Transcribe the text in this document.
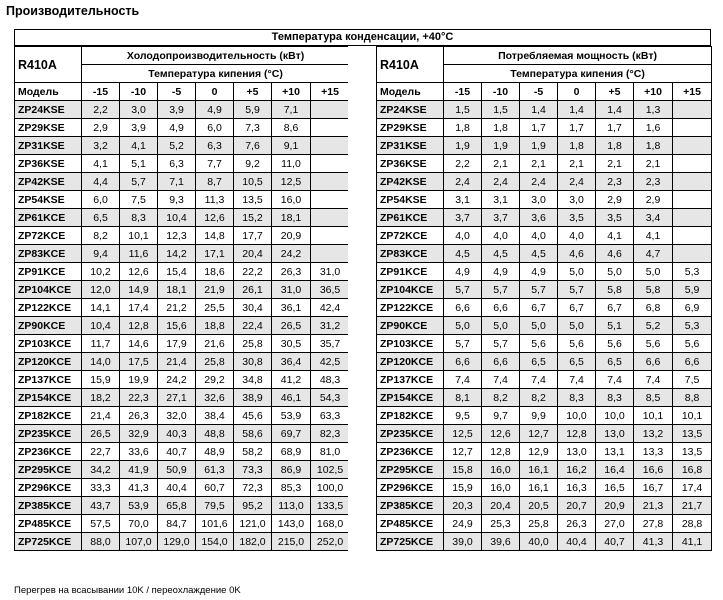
Производительность
Температура конденсации, +40°C
R410A	Холодопроизводительность (кВт)						
	Температура кипения (°C)						
Модель	-15	-10	-5	0	+5	+10	+15
ZP24KSE	2,2	3,0	3,9	4,9	5,9	7,1	
ZP29KSE	2,9	3,9	4,9	6,0	7,3	8,6	
ZP31KSE	3,2	4,1	5,2	6,3	7,6	9,1	
ZP36KSE	4,1	5,1	6,3	7,7	9,2	11,0	
ZP42KSE	4,4	5,7	7,1	8,7	10,5	12,5	
ZP54KSE	6,0	7,5	9,3	11,3	13,5	16,0	
ZP61KCE	6,5	8,3	10,4	12,6	15,2	18,1	
ZP72KCE	8,2	10,1	12,3	14,8	17,7	20,9	
ZP83KCE	9,4	11,6	14,2	17,1	20,4	24,2	
ZP91KCE	10,2	12,6	15,4	18,6	22,2	26,3	31,0
ZP104KCE	12,0	14,9	18,1	21,9	26,1	31,0	36,5
ZP122KCE	14,1	17,4	21,2	25,5	30,4	36,1	42,4
ZP90KCE	10,4	12,8	15,6	18,8	22,4	26,5	31,2
ZP103KCE	11,7	14,6	17,9	21,6	25,8	30,5	35,7
ZP120KCE	14,0	17,5	21,4	25,8	30,8	36,4	42,5
ZP137KCE	15,9	19,9	24,2	29,2	34,8	41,2	48,3
ZP154KCE	18,2	22,3	27,1	32,6	38,9	46,1	54,3
ZP182KCE	21,4	26,3	32,0	38,4	45,6	53,9	63,3
ZP235KCE	26,5	32,9	40,3	48,8	58,6	69,7	82,3
ZP236KCE	22,7	33,6	40,7	48,9	58,2	68,9	81,0
ZP295KCE	34,2	41,9	50,9	61,3	73,3	86,9	102,5
ZP296KCE	33,3	41,3	40,4	60,7	72,3	85,3	100,0
ZP385KCE	43,7	53,9	65,8	79,5	95,2	113,0	133,5
ZP485KCE	57,5	70,0	84,7	101,6	121,0	143,0	168,0
ZP725KCE	88,0	107,0	129,0	154,0	182,0	215,0	252,0
R410A	Потребляемая мощность (кВт)						
	Температура кипения (°C)						
Модель	-15	-10	-5	0	+5	+10	+15
ZP24KSE	1,5	1,5	1,4	1,4	1,4	1,3	
ZP29KSE	1,8	1,8	1,7	1,7	1,7	1,6	
ZP31KSE	1,9	1,9	1,9	1,8	1,8	1,8	
ZP36KSE	2,2	2,1	2,1	2,1	2,1	2,1	
ZP42KSE	2,4	2,4	2,4	2,4	2,3	2,3	
ZP54KSE	3,1	3,1	3,0	3,0	2,9	2,9	
ZP61KCE	3,7	3,7	3,6	3,5	3,5	3,4	
ZP72KCE	4,0	4,0	4,0	4,0	4,1	4,1	
ZP83KCE	4,5	4,5	4,5	4,6	4,6	4,7	
ZP91KCE	4,9	4,9	4,9	5,0	5,0	5,0	5,3
ZP104KCE	5,7	5,7	5,7	5,7	5,8	5,8	5,9
ZP122KCE	6,6	6,6	6,7	6,7	6,7	6,8	6,9
ZP90KCE	5,0	5,0	5,0	5,0	5,1	5,2	5,3
ZP103KCE	5,7	5,7	5,6	5,6	5,6	5,6	5,6
ZP120KCE	6,6	6,6	6,5	6,5	6,5	6,6	6,6
ZP137KCE	7,4	7,4	7,4	7,4	7,4	7,4	7,5
ZP154KCE	8,1	8,2	8,2	8,3	8,3	8,5	8,8
ZP182KCE	9,5	9,7	9,9	10,0	10,0	10,1	10,1
ZP235KCE	12,5	12,6	12,7	12,8	13,0	13,2	13,5
ZP236KCE	12,7	12,8	12,9	13,0	13,1	13,3	13,5
ZP295KCE	15,8	16,0	16,1	16,2	16,4	16,6	16,8
ZP296KCE	15,9	16,0	16,1	16,3	16,5	16,7	17,4
ZP385KCE	20,3	20,4	20,5	20,7	20,9	21,3	21,7
ZP485KCE	24,9	25,3	25,8	26,3	27,0	27,8	28,8
ZP725KCE	39,0	39,6	40,0	40,4	40,7	41,3	41,1
Перегрев на всасывании 10K / переохлаждение 0K
